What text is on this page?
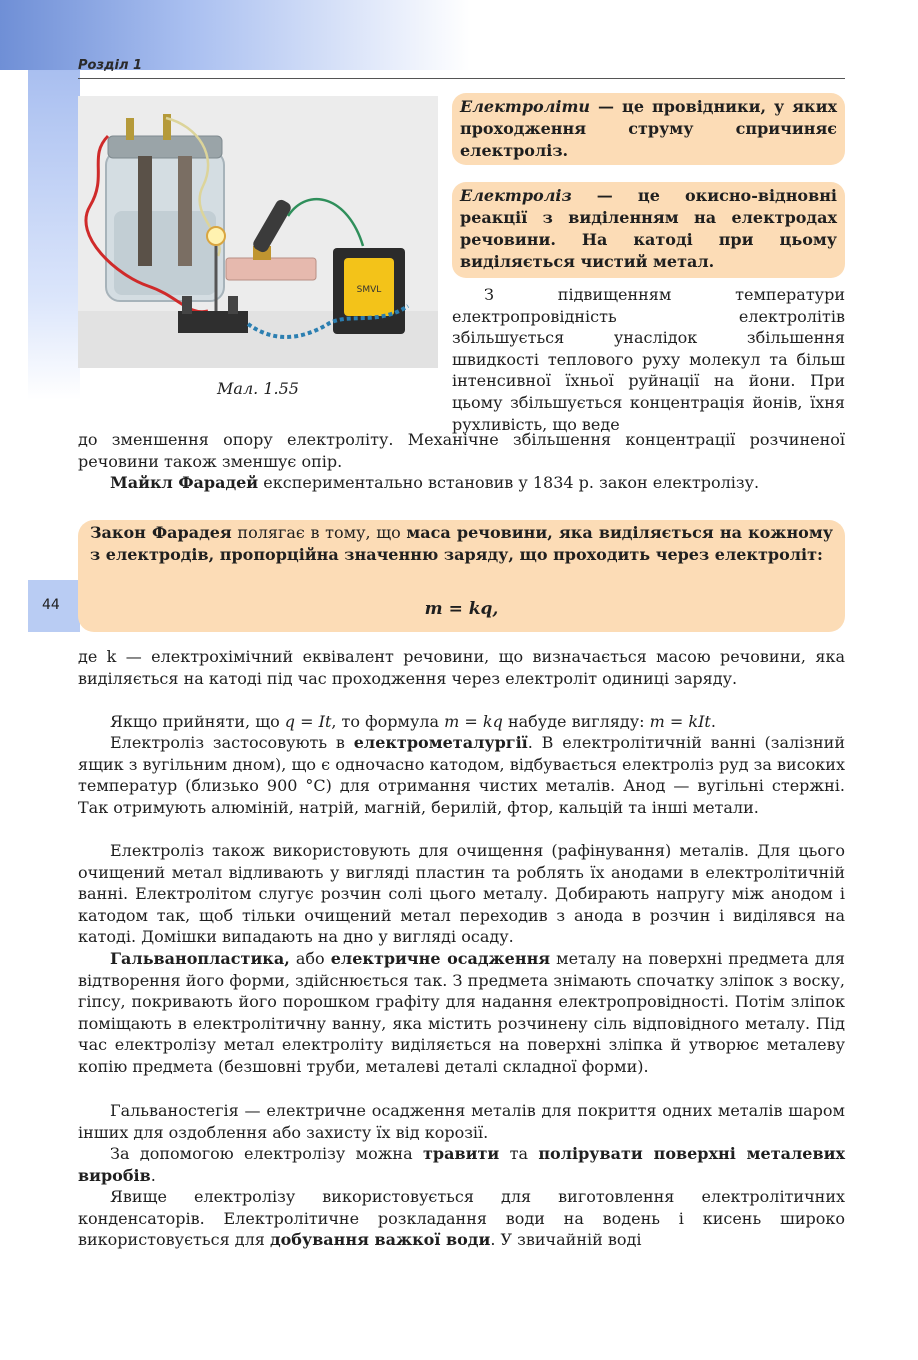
Розділ 1
44
SMVL
Мал. 1.55
Електроліти — це провідники, у яких проходження струму спричиняє електроліз.
Електроліз — це окисно-відновні реакції з виділенням на електродах речовини. На катоді при цьому виділяється чистий метал.
З підвищенням температури електропровідність електролітів збільшується унаслідок збільшення швидкості теплового руху молекул та більш інтенсивної їхньої руйнації на йони. При цьому збільшується концентрація йонів, їхня рухливість, що веде
до зменшення опору електроліту. Механічне збільшення концентрації розчиненої речовини також зменшує опір.
Майкл Фарадей експериментально встановив у 1834 р. закон електролізу.
Закон Фарадея полягає в тому, що маса речовини, яка виділяється на кожному з електродів, пропорційна значенню заряду, що проходить через електроліт:
m = kq,
де k — електрохімічний еквівалент речовини, що визначається масою речовини, яка виділяється на катоді під час проходження через електроліт одиниці заряду.
Якщо прийняти, що q = It, то формула m = kq набуде вигляду: m = kIt.
Електроліз застосовують в електрометалургії. В електролітичній ванні (залізний ящик з вугільним дном), що є одночасно катодом, відбувається електроліз руд за високих температур (близько 900 °С) для отримання чистих металів. Анод — вугільні стержні. Так отримують алюміній, натрій, магній, берилій, фтор, кальцій та інші метали.
Електроліз також використовують для очищення (рафінування) металів. Для цього очищений метал відливають у вигляді пластин та роблять їх анодами в електролітичній ванні. Електролітом слугує розчин солі цього металу. Добирають напругу між анодом і катодом так, щоб тільки очищений метал переходив з анода в розчин і виділявся на катоді. Домішки випадають на дно у вигляді осаду.
Гальванопластика, або електричне осадження металу на поверхні предмета для відтворення його форми, здійснюється так. З предмета знімають спочатку зліпок з воску, гіпсу, покривають його порошком графіту для надання електропровідності. Потім зліпок поміщають в електролітичну ванну, яка містить розчинену сіль відповідного металу. Під час електролізу метал електроліту виділяється на поверхні зліпка й утворює металеву копію предмета (безшовні труби, металеві деталі складної форми).
Гальваностегія — електричне осадження металів для покриття одних металів шаром інших для оздоблення або захисту їх від корозії.
За допомогою електролізу можна травити та полірувати поверхні металевих виробів.
Явище електролізу використовується для виготовлення електролітичних конденсаторів. Електролітичне розкладання води на водень і кисень широко використовується для добування важкої води. У звичайній воді
